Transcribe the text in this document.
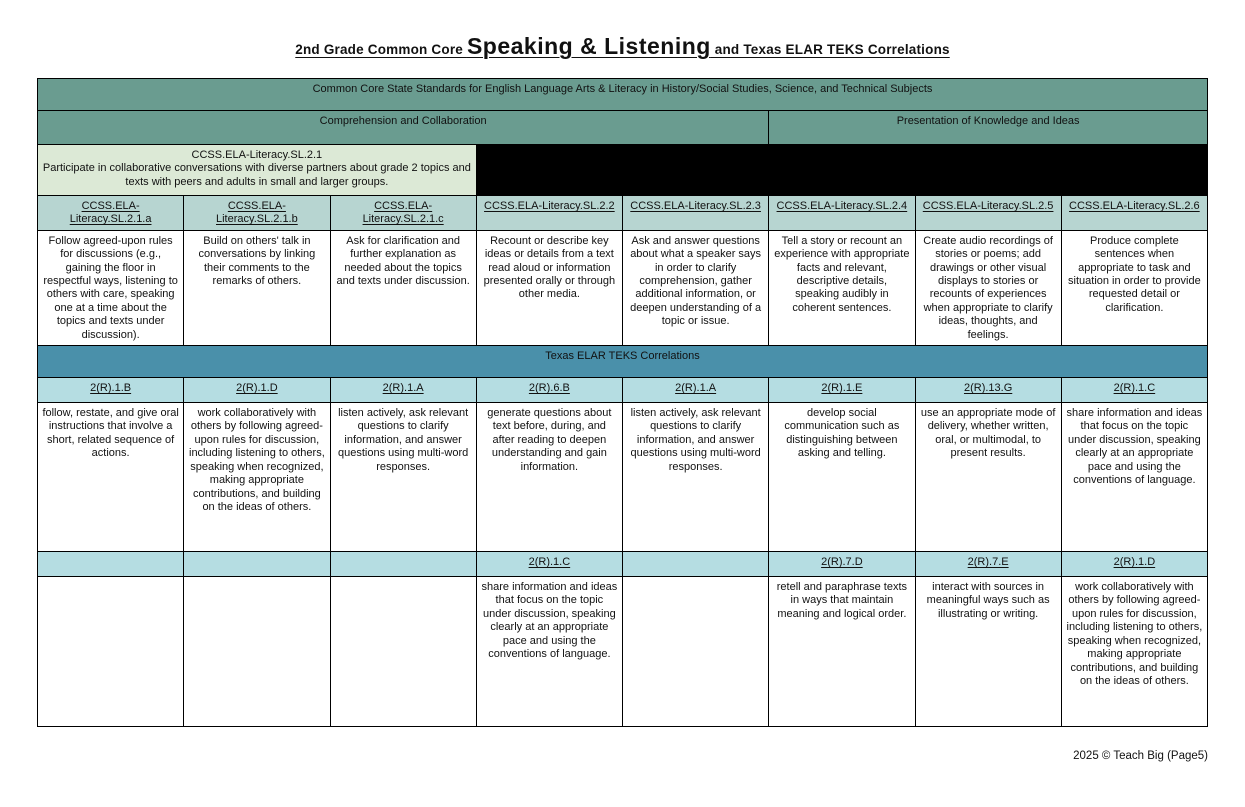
2nd Grade Common Core Speaking & Listening and Texas ELAR TEKS Correlations
Common Core State Standards for English Language Arts & Literacy in History/Social Studies, Science, and Technical Subjects							
Comprehension and Collaboration					Presentation of Knowledge and Ideas		

CCSS.ELA-Literacy.SL.2.1
Participate in collaborative conversations with diverse partners about grade 2 topics and texts with peers and adults in small and larger groups.							

CCSS.ELA-Literacy.SL.2.1.a	CCSS.ELA-Literacy.SL.2.1.b	CCSS.ELA-Literacy.SL.2.1.c	CCSS.ELA-Literacy.SL.2.2	CCSS.ELA-Literacy.SL.2.3	CCSS.ELA-Literacy.SL.2.4	CCSS.ELA-Literacy.SL.2.5	CCSS.ELA-Literacy.SL.2.6
Follow agreed-upon rules for discussions (e.g., gaining the floor in respectful ways, listening to others with care, speaking one at a time about the topics and texts under discussion).	Build on others' talk in conversations by linking their comments to the remarks of others.	Ask for clarification and further explanation as needed about the topics and texts under discussion.	Recount or describe key ideas or details from a text read aloud or information presented orally or through other media.	Ask and answer questions about what a speaker says in order to clarify comprehension, gather additional information, or deepen understanding of a topic or issue.	Tell a story or recount an experience with appropriate facts and relevant, descriptive details, speaking audibly in coherent sentences.	Create audio recordings of stories or poems; add drawings or other visual displays to stories or recounts of experiences when appropriate to clarify ideas, thoughts, and feelings.	Produce complete sentences when appropriate to task and situation in order to provide requested detail or clarification.
Texas ELAR TEKS Correlations							
2(R).1.B	2(R).1.D	2(R).1.A	2(R).6.B	2(R).1.A	2(R).1.E	2(R).13.G	2(R).1.C
follow, restate, and give oral instructions that involve a short, related sequence of actions.	work collaboratively with others by following agreed-upon rules for discussion, including listening to others, speaking when recognized, making appropriate contributions, and building on the ideas of others.	listen actively, ask relevant questions to clarify information, and answer questions using multi-word responses.	generate questions about text before, during, and after reading to deepen understanding and gain information.	listen actively, ask relevant questions to clarify information, and answer questions using multi-word responses.	develop social communication such as distinguishing between asking and telling.	use an appropriate mode of delivery, whether written, oral, or multimodal, to present results.	share information and ideas that focus on the topic under discussion, speaking clearly at an appropriate pace and using the conventions of language.
			2(R).1.C		2(R).7.D	2(R).7.E	2(R).1.D
			share information and ideas that focus on the topic under discussion, speaking clearly at an appropriate pace and using the conventions of language.		retell and paraphrase texts in ways that maintain meaning and logical order.	interact with sources in meaningful ways such as illustrating or writing.	work collaboratively with others by following agreed-upon rules for discussion, including listening to others, speaking when recognized, making appropriate contributions, and building on the ideas of others.
2025 © Teach Big (Page5)
